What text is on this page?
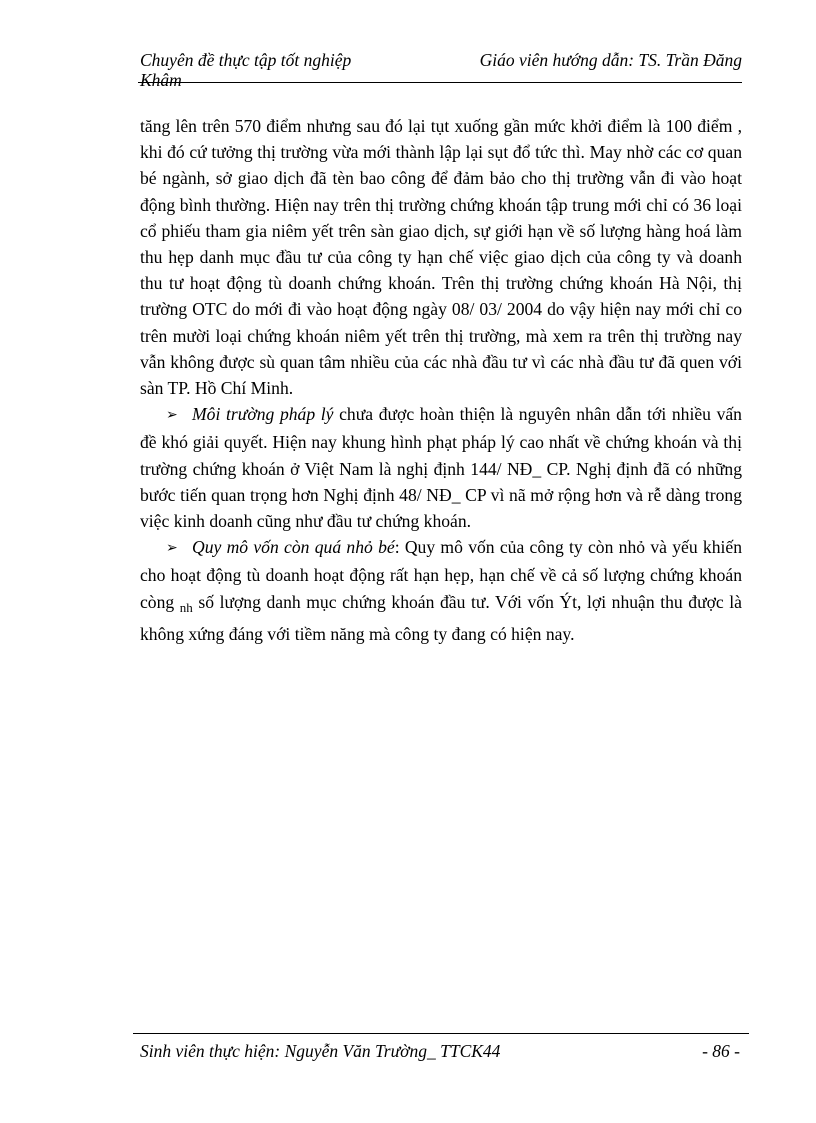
Chuyên đề thực tập tốt nghiệp	Giáo viên hướng dẫn: TS. Trần Đăng
Khâm

tăng lên trên 570 điểm nhưng sau đó lại tụt xuống gần mức khởi điểm là 100 điểm , khi đó cứ tưởng thị trường vừa mới thành lập lại sụt đổ tức thì. May nhờ các cơ quan bé ngành, sở giao dịch đã tèn bao công để đảm bảo cho thị trường vẫn đi vào hoạt động bình thường. Hiện nay trên thị trường chứng khoán tập trung mới chỉ có 36 loại cổ phiếu tham gia niêm yết trên sàn giao dịch, sự giới hạn về số lượng hàng hoá làm thu hẹp danh mục đầu tư của công ty hạn chế việc giao dịch của công ty và doanh thu tư hoạt động tù doanh chứng khoán. Trên thị trường chứng khoán Hà Nội, thị trường OTC do mới đi vào hoạt động ngày 08/ 03/ 2004 do vậy hiện nay mới chỉ co trên mười loại chứng khoán niêm yết trên thị trường, mà xem ra trên thị trường nay vẫn không được sù quan tâm nhiều của các nhà đầu tư vì các nhà đầu tư đã quen với sàn TP. Hồ Chí Minh.

➢ Môi trường pháp lý chưa được hoàn thiện là nguyên nhân dẫn tới nhiều vấn đề khó giải quyết. Hiện nay khung hình phạt pháp lý cao nhất về chứng khoán và thị trường chứng khoán ở Việt Nam là nghị định 144/ NĐ_ CP. Nghị định đã có những bước tiến quan trọng hơn Nghị định 48/ NĐ_ CP vì nã mở rộng hơn và rễ dàng trong việc kinh doanh cũng như đầu tư chứng khoán.

➢ Quy mô vốn còn quá nhỏ bé: Quy mô vốn của công ty còn nhỏ và yếu khiến cho hoạt động tù doanh hoạt động rất hạn hẹp, hạn chế về cả số lượng chứng khoán còng $_{nh}$ số lượng danh mục chứng khoán đầu tư. Với vốn Ýt, lợi nhuận thu được là không xứng đáng với tiềm năng mà công ty đang có hiện nay.

Sinh viên thực hiện: Nguyễn Văn Trường_ TTCK44	- 86 -
